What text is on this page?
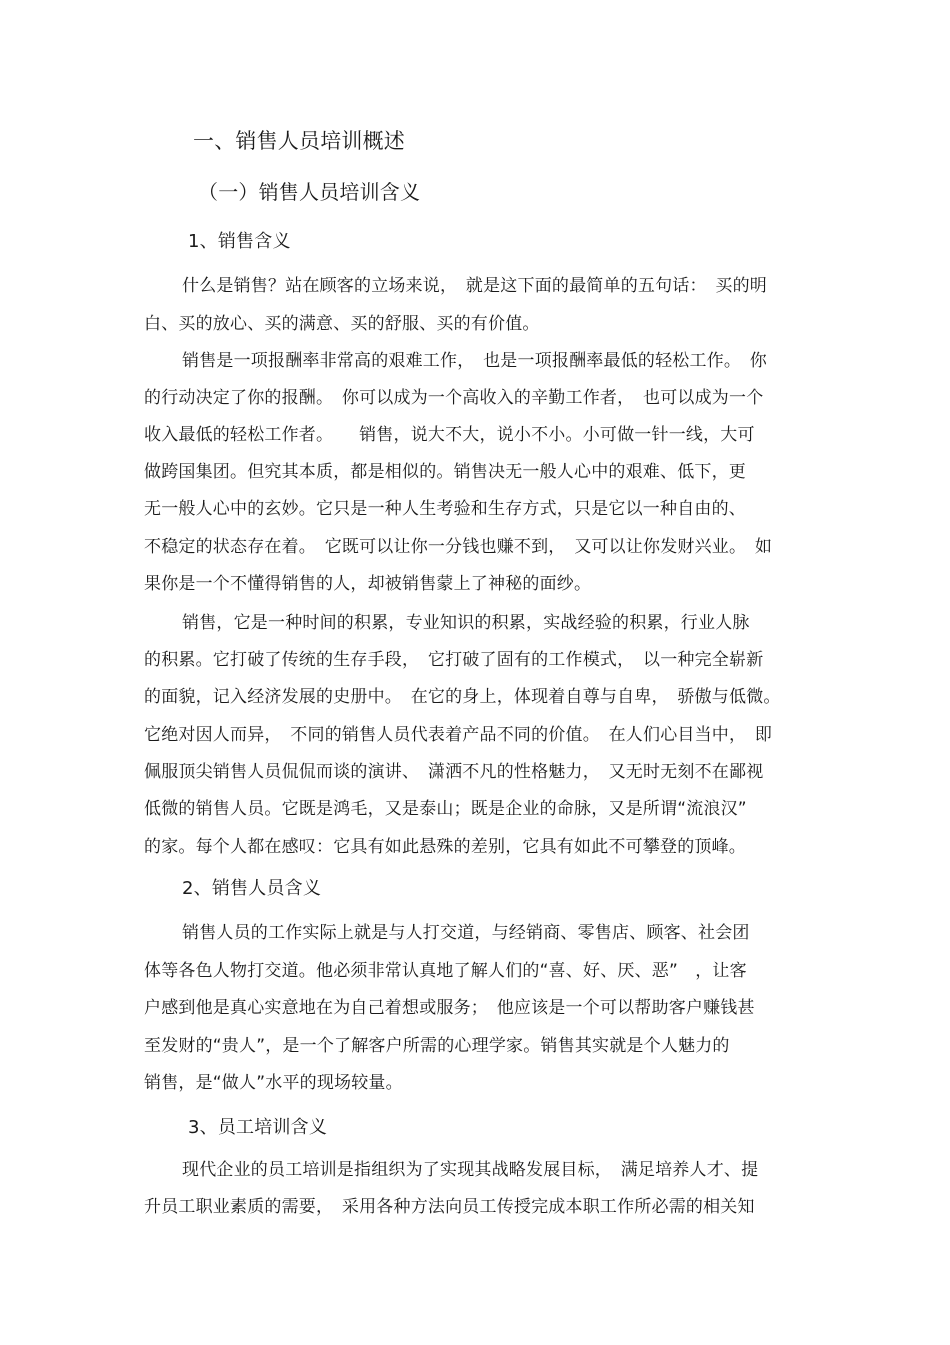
一、销售人员培训概述
（一）销售人员培训含义
1、销售含义
什么是销售？站在顾客的立场来说，　就是这下面的最简单的五句话：　买的明
白、买的放心、买的满意、买的舒服、买的有价值。
销售是一项报酬率非常高的艰难工作，　也是一项报酬率最低的轻松工作。　你
的行动决定了你的报酬。　你可以成为一个高收入的辛勤工作者，　也可以成为一个
收入最低的轻松工作者。　　销售，说大不大，说小不小。小可做一针一线，大可
做跨国集团。但究其本质，都是相似的。销售决无一般人心中的艰难、低下，更
无一般人心中的玄妙。它只是一种人生考验和生存方式，只是它以一种自由的、
不稳定的状态存在着。　它既可以让你一分钱也赚不到，　又可以让你发财兴业。　如
果你是一个不懂得销售的人，却被销售蒙上了神秘的面纱。
销售，它是一种时间的积累，专业知识的积累，实战经验的积累，行业人脉
的积累。它打破了传统的生存手段，　它打破了固有的工作模式，　以一种完全崭新
的面貌，记入经济发展的史册中。　在它的身上，体现着自尊与自卑，　骄傲与低微。
它绝对因人而异，　不同的销售人员代表着产品不同的价值。　在人们心目当中，　即
佩服顶尖销售人员侃侃而谈的演讲、　潇洒不凡的性格魅力，　又无时无刻不在鄙视
低微的销售人员。它既是鸿毛，又是泰山；既是企业的命脉，又是所谓“流浪汉”
的家。每个人都在感叹：它具有如此悬殊的差别，它具有如此不可攀登的顶峰。
2、销售人员含义
销售人员的工作实际上就是与人打交道，与经销商、零售店、顾客、社会团
体等各色人物打交道。他必须非常认真地了解人们的“喜、好、厌、恶”　，让客
户感到他是真心实意地在为自己着想或服务；　他应该是一个可以帮助客户赚钱甚
至发财的“贵人”，是一个了解客户所需的心理学家。销售其实就是个人魅力的
销售，是“做人”水平的现场较量。
3、员工培训含义
现代企业的员工培训是指组织为了实现其战略发展目标，　满足培养人才、提
升员工职业素质的需要，　采用各种方法向员工传授完成本职工作所必需的相关知
